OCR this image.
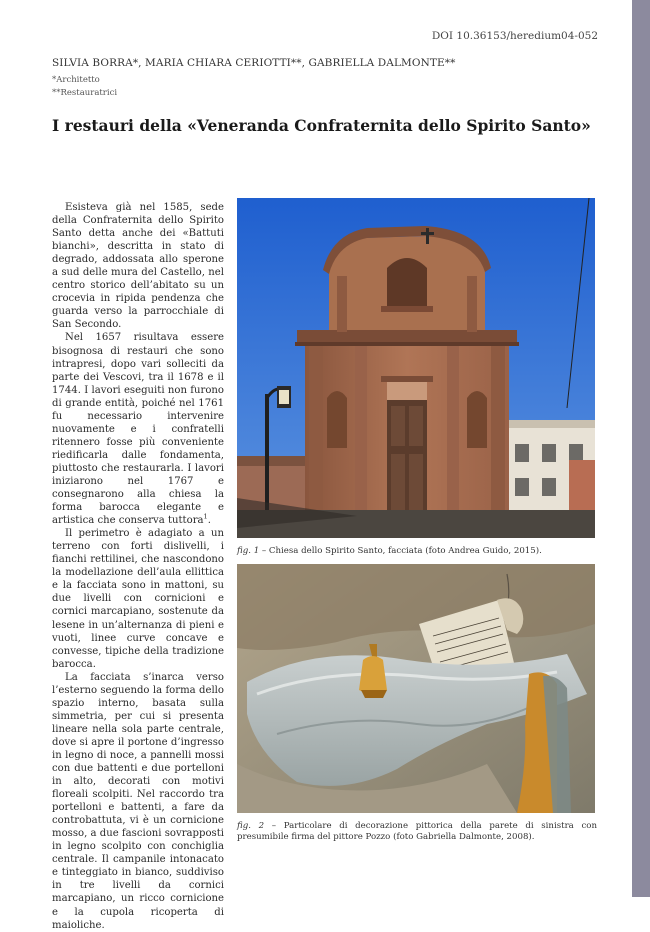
DOI 10.36153/heredium04-052
SILVIA BORRA*, MARIA CHIARA CERIOTTI**, GABRIELLA DALMONTE**
*Architetto
**Restauratrici
I restauri della «Veneranda Confraternita dello Spirito Santo»

Esisteva già nel 1585, sede della Confraternita dello Spirito Santo detta anche dei «Battuti bianchi», descritta in stato di degrado, addossata allo sperone a sud delle mura del Castello, nel centro storico dell’abitato su un crocevia in ripida pendenza che guarda verso la parrocchiale di San Secondo.

Nel 1657 risultava essere bisognosa di restauri che sono intrapresi, dopo vari solleciti da parte dei Vescovi, tra il 1678 e il 1744. I lavori eseguiti non furono di grande entità, poiché nel 1761 fu necessario intervenire nuovamente e i confratelli ritennero fosse più conveniente riedificarla dalle fondamenta, piuttosto che restaurarla. I lavori iniziarono nel 1767 e consegnarono alla chiesa la forma barocca elegante e artistica che conserva tuttora$^1$.

Il perimetro è adagiato a un terreno con forti dislivelli, i fianchi rettilinei, che nascondono la modellazione dell’aula ellittica e la facciata sono in mattoni, su due livelli con cornicioni e cornici marcapiano, sostenute da lesene in un’alternanza di pieni e vuoti, linee curve concave e convesse, tipiche della tradizione barocca.

La facciata s’inarca verso l’esterno seguendo la forma dello spazio interno, basata sulla simmetria, per cui si presenta lineare nella sola parte centrale, dove si apre il portone d’ingresso in legno di noce, a pannelli mossi con due battenti e due portelloni in alto, decorati con motivi floreali scolpiti. Nel raccordo tra portelloni e battenti, a fare da controbattuta, vi è un cornicione mosso, a due fascioni sovrapposti in legno scolpito con conchiglia centrale. Il campanile intonacato e tinteggiato in bianco, suddiviso in tre livelli da cornici marcapiano, un ricco cornicione e la cupola ricoperta di maioliche.

fig. 1 – Chiesa dello Spirito Santo, facciata (foto Andrea Guido, 2015).
fig. 2 – Particolare di decorazione pittorica della parete di sinistra con presumibile firma del pittore Pozzo (foto Gabriella Dalmonte, 2008).
